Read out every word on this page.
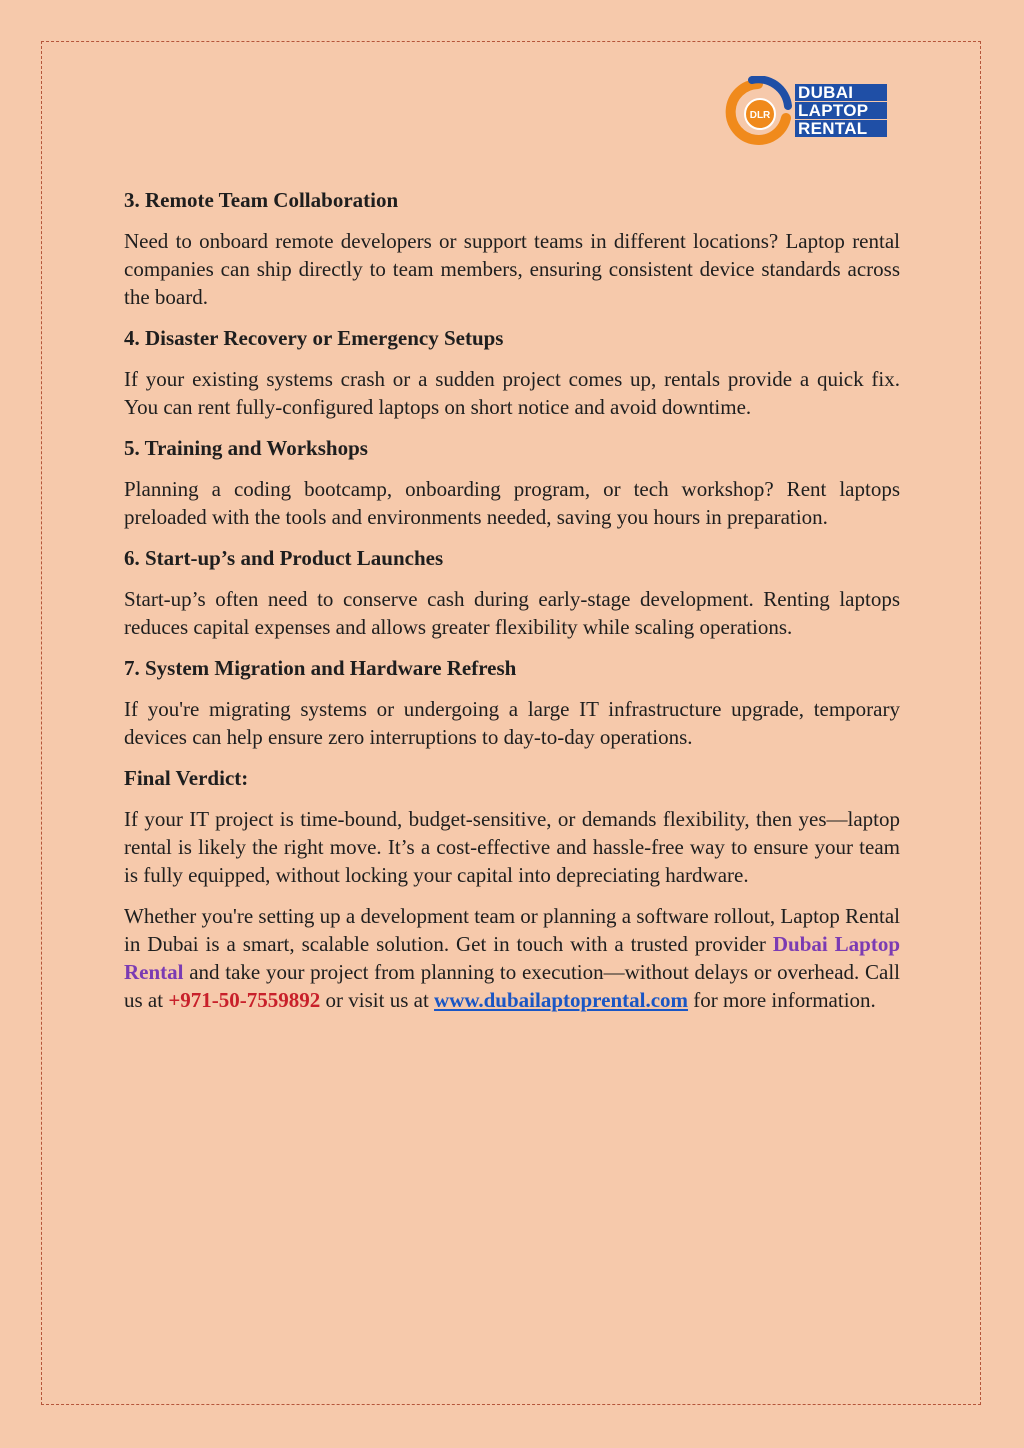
DLR
DUBAI
LAPTOP
RENTAL
3. Remote Team Collaboration

Need to onboard remote developers or support teams in different locations? Laptop rental companies can ship directly to team members, ensuring consistent device standards across the board.

4. Disaster Recovery or Emergency Setups

If your existing systems crash or a sudden project comes up, rentals provide a quick fix. You can rent fully-configured laptops on short notice and avoid downtime.

5. Training and Workshops

Planning a coding bootcamp, onboarding program, or tech workshop? Rent laptops preloaded with the tools and environments needed, saving you hours in preparation.

6. Start-up’s and Product Launches

Start-up’s often need to conserve cash during early-stage development. Renting laptops reduces capital expenses and allows greater flexibility while scaling operations.

7. System Migration and Hardware Refresh

If you're migrating systems or undergoing a large IT infrastructure upgrade, temporary devices can help ensure zero interruptions to day-to-day operations.

Final Verdict:

If your IT project is time-bound, budget-sensitive, or demands flexibility, then yes—laptop rental is likely the right move. It’s a cost-effective and hassle-free way to ensure your team is fully equipped, without locking your capital into depreciating hardware.

Whether you're setting up a development team or planning a software rollout, Laptop Rental in Dubai is a smart, scalable solution. Get in touch with a trusted provider Dubai Laptop Rental and take your project from planning to execution—without delays or overhead. Call us at +971-50-7559892 or visit us at www.dubailaptoprental.com for more information.
